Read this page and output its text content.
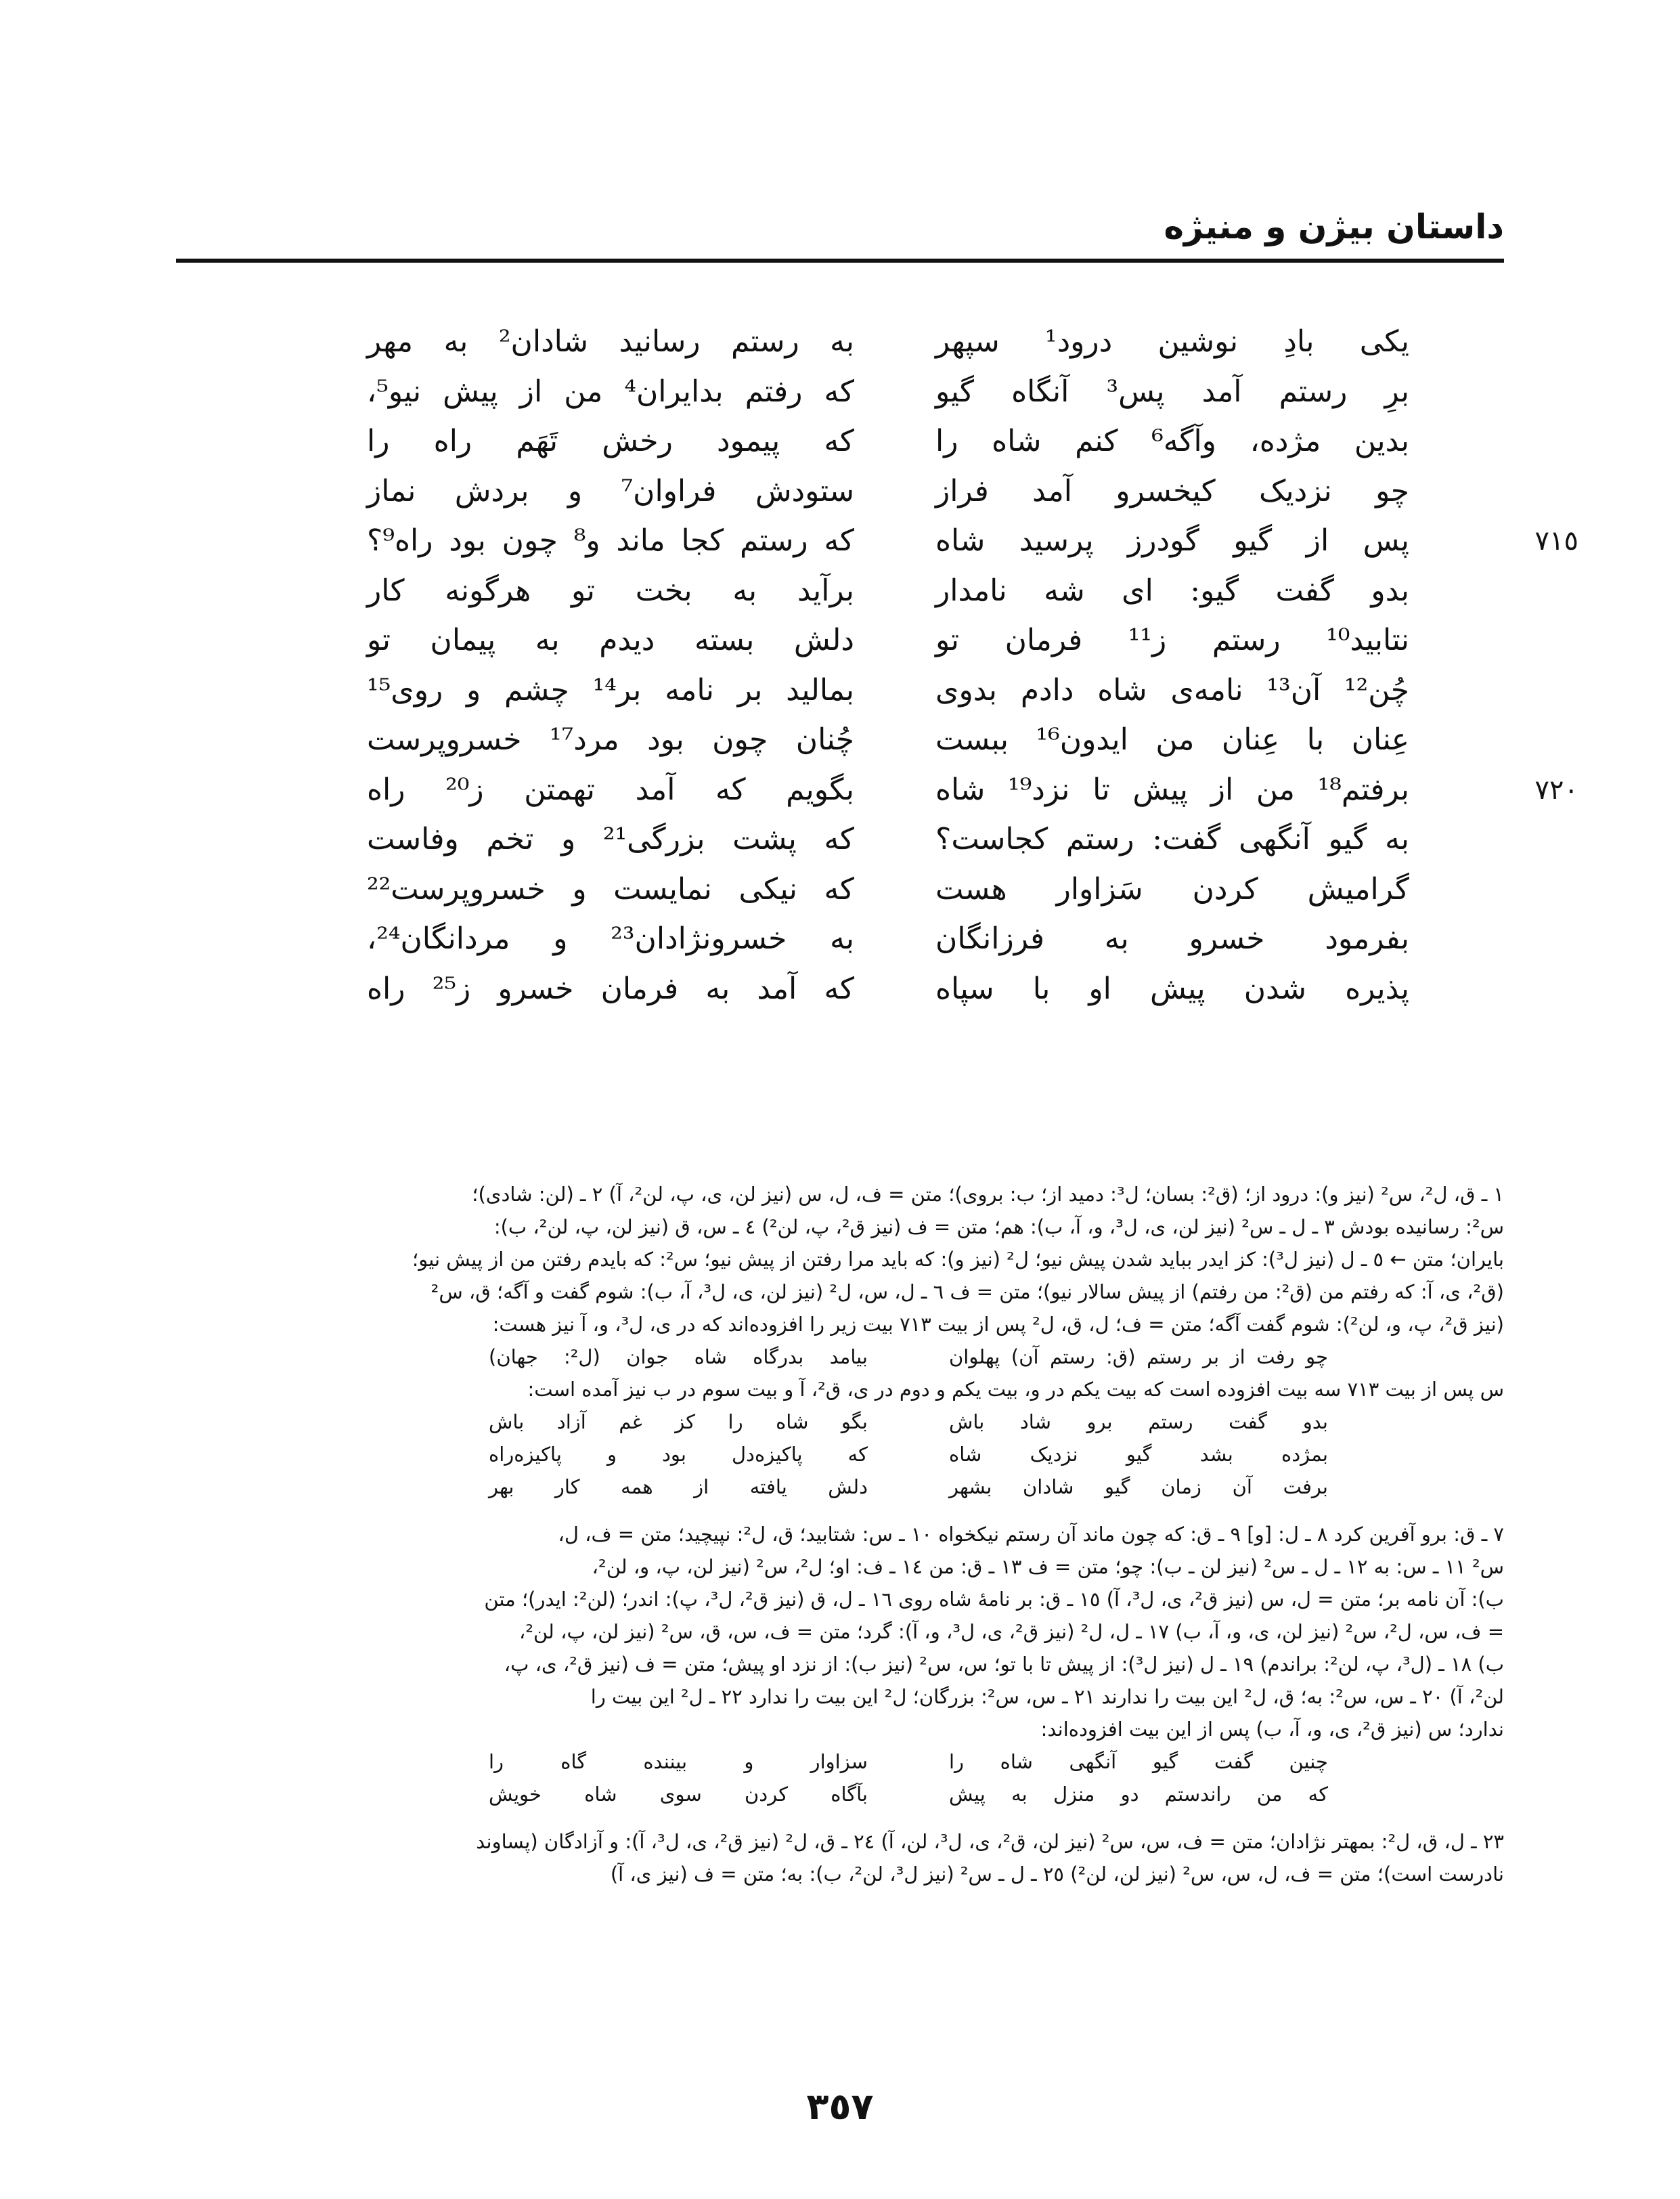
داستان بیژن و منیژه
یکی بادِ نوشین درود¹ سپهر
به رستم رسانید شادان² به مهر
برِ رستم آمد پس³ آنگاه گیو
که رفتم بدایران⁴ من از پیش نیو⁵،
بدین مژده، وآگه⁶ کنم شاه را
که پیمود رخش تَهَم راه را
چو نزدیک کیخسرو آمد فراز
ستودش فراوان⁷ و بردش نماز
٧١٥
پس از گیو گودرز پرسید شاه
که رستم کجا ماند و⁸ چون بود راه⁹؟
بدو گفت گیو: ای شه نامدار
برآید به بخت تو هرگونه کار
نتابید¹⁰ رستم ز¹¹ فرمان تو
دلش بسته دیدم به پیمان تو
چُن¹² آن¹³ نامه‌ی شاه دادم بدوی
بمالید بر نامه بر¹⁴ چشم و روی¹⁵
عِنان با عِنان من ایدون¹⁶ ببست
چُنان چون بود مرد¹⁷ خسروپرست
٧٢٠
برفتم¹⁸ من از پیش تا نزد¹⁹ شاه
بگویم که آمد تهمتن ز²⁰ راه
به گیو آنگهی گفت: رستم کجاست؟
که پشت بزرگی²¹ و تخم وفاست
گرامیش کردن سَزاوار هست
که نیکی نمایست و خسروپرست²²
بفرمود خسرو به فرزانگان
به خسرونژادان²³ و مردانگان²⁴،
پذیره شدن پیش او با سپاه
که آمد به فرمان خسرو ز²⁵ راه
١ ـ ق، ل²، س² (نیز و): درود از؛ (ق²: بسان؛ ل³: دمید از؛ ب: بروی)؛ متن = ف، ل، س (نیز لن، ی، پ، لن²، آ) ٢ ـ (لن: شادی)؛
س²: رسانیده بودش ٣ ـ ل ـ س² (نیز لن، ی، ل³، و، آ، ب): هم؛ متن = ف (نیز ق²، پ، لن²) ٤ ـ س، ق (نیز لن، پ، لن²، ب):
بایران؛ متن ← ٥ ـ ل (نیز ل³): کز ایدر بباید شدن پیش نیو؛ ل² (نیز و): که باید مرا رفتن از پیش نیو؛ س²: که بایدم رفتن من از پیش نیو؛
(ق²، ی، آ: که رفتم من (ق²: من رفتم) از پیش سالار نیو)؛ متن = ف ٦ ـ ل، س، ل² (نیز لن، ی، ل³، آ، ب): شوم گفت و آگه؛ ق، س²
(نیز ق²، پ، و، لن²): شوم گفت آگه؛ متن = ف؛ ل، ق، ل² پس از بیت ٧١٣ بیت زیر را افزوده‌اند که در ی، ل³، و، آ نیز هست:
چو رفت از بر رستم (ق: رستم آن) پهلوان
بیامد بدرگاه شاه جوان (ل²: جهان)
س پس از بیت ٧١٣ سه بیت افزوده است که بیت یکم در و، بیت یکم و دوم در ی، ق²، آ و بیت سوم در ب نیز آمده است:
بدو گفت رستم برو شاد باش
بگو شاه را کز غم آزاد باش
بمژده بشد گیو نزدیک شاه
که پاکیزه‌دل بود و پاکیزه‌راه
برفت آن زمان گیو شادان بشهر
دلش یافته از همه کار بهر
٧ ـ ق: برو آفرین کرد ٨ ـ ل: [و] ٩ ـ ق: که چون ماند آن رستم نیکخواه ١٠ ـ س: شتابید؛ ق، ل²: نپیچید؛ متن = ف، ل،
س² ١١ ـ س: به ١٢ ـ ل ـ س² (نیز لن ـ ب): چو؛ متن = ف ١٣ ـ ق: من ١٤ ـ ف: او؛ ل²، س² (نیز لن، پ، و، لن²،
ب): آن نامه بر؛ متن = ل، س (نیز ق²، ی، ل³، آ) ١٥ ـ ق: بر نامهٔ شاه روی ١٦ ـ ل، ق (نیز ق²، ل³، پ): اندر؛ (لن²: ایدر)؛ متن
= ف، س، ل²، س² (نیز لن، ی، و، آ، ب) ١٧ ـ ل، ل² (نیز ق²، ی، ل³، و، آ): گرد؛ متن = ف، س، ق، س² (نیز لن، پ، لن²،
ب) ١٨ ـ (ل³، پ، لن²: براندم) ١٩ ـ ل (نیز ل³): از پیش تا با تو؛ س، س² (نیز ب): از نزد او پیش؛ متن = ف (نیز ق²، ی، پ،
لن²، آ) ٢٠ ـ س، س²: به؛ ق، ل² این بیت را ندارند ٢١ ـ س، س²: بزرگان؛ ل² این بیت را ندارد ٢٢ ـ ل² این بیت را
ندارد؛ س (نیز ق²، ی، و، آ، ب) پس از این بیت افزوده‌اند:
چنین گفت گیو آنگهی شاه را
سزاوار و بیننده گاه را
که من راندستم دو منزل به پیش
بآگاه کردن سوی شاه خویش
٢٣ ـ ل، ق، ل²: بمهتر نژادان؛ متن = ف، س، س² (نیز لن، ق²، ی، ل³، لن، آ) ٢٤ ـ ق، ل² (نیز ق²، ی، ل³، آ): و آزادگان (پساوند
نادرست است)؛ متن = ف، ل، س، س² (نیز لن، لن²) ٢٥ ـ ل ـ س² (نیز ل³، لن²، ب): به؛ متن = ف (نیز ی، آ)
٣٥٧
